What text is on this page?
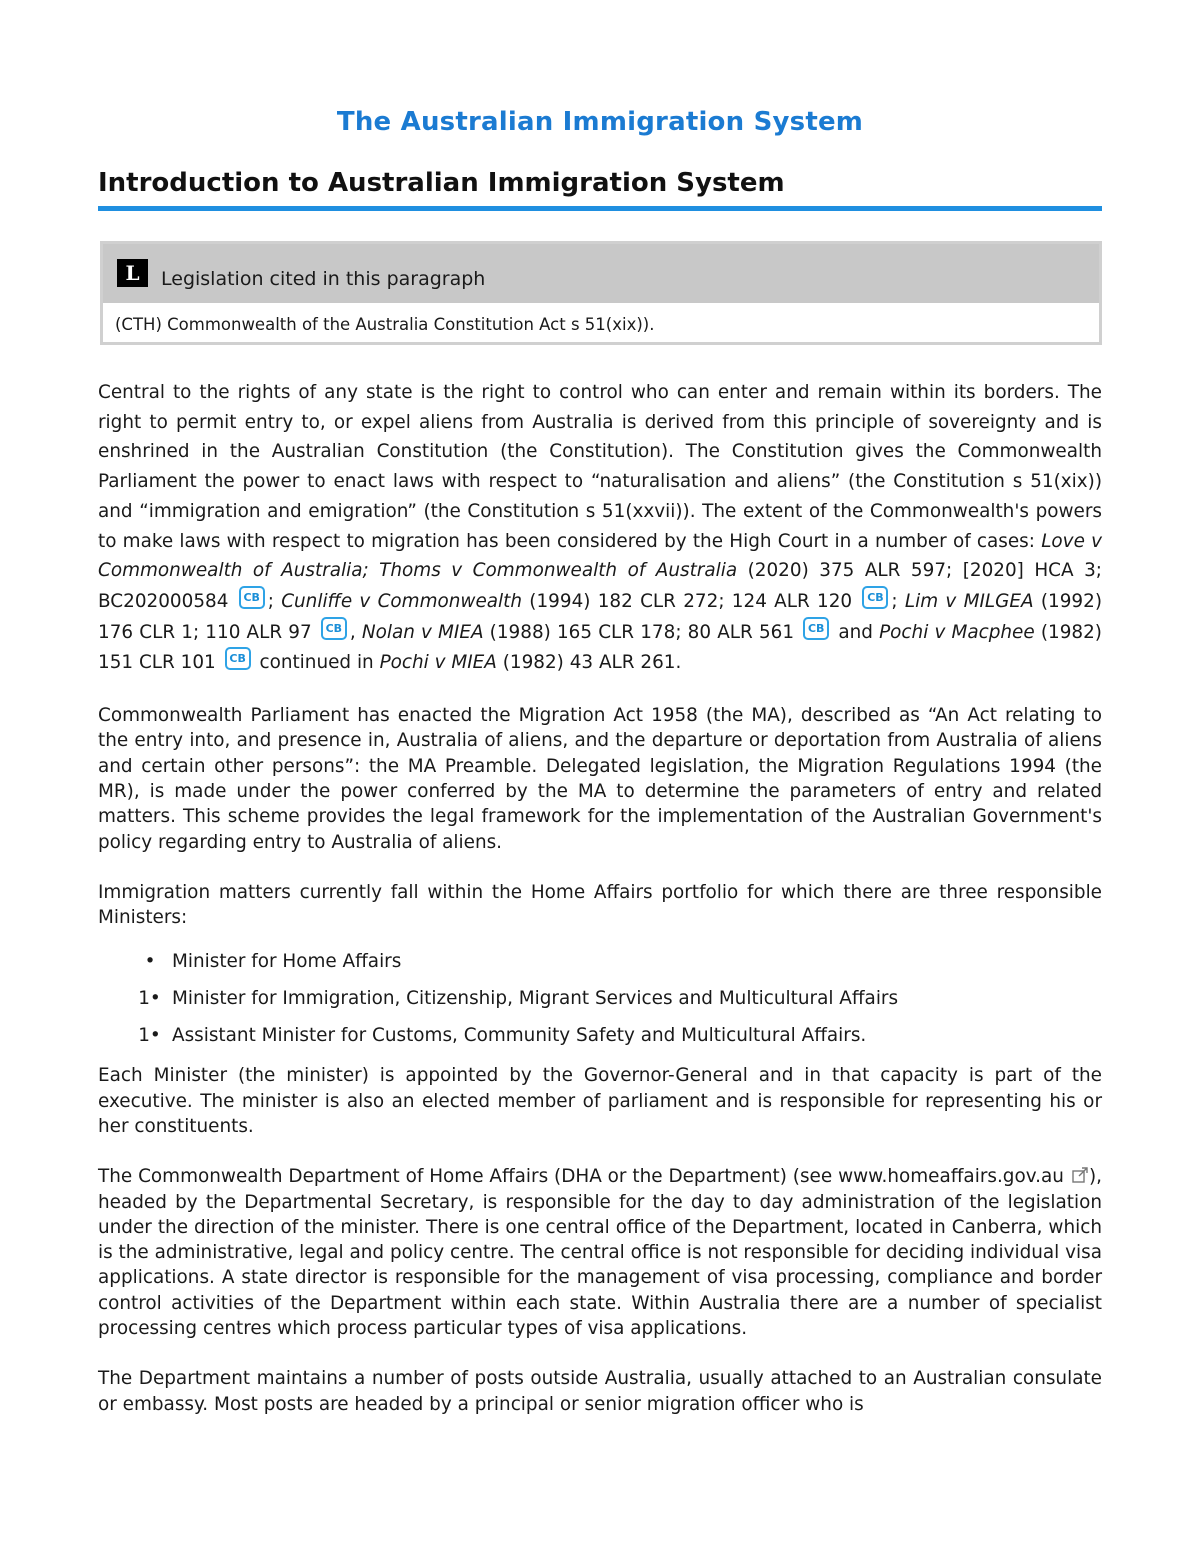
The Australian Immigration System
Introduction to Australian Immigration System
L	Legislation cited in this paragraph
(CTH) Commonwealth of the Australia Constitution Act s 51(xix)).

Central to the rights of any state is the right to control who can enter and remain within its borders. The right to permit entry to, or expel aliens from Australia is derived from this principle of sovereignty and is enshrined in the Australian Constitution (the Constitution). The Constitution gives the Commonwealth Parliament the power to enact laws with respect to “naturalisation and aliens” (the Constitution s 51(xix)) and “immigration and emigration” (the Constitution s 51(xxvii)). The extent of the Commonwealth's powers to make laws with respect to migration has been considered by the High Court in a number of cases: Love v Commonwealth of Australia; Thoms v Commonwealth of Australia (2020) 375 ALR 597; [2020] HCA 3; BC202000584 CB ; Cunliffe v Commonwealth (1994) 182 CLR 272; 124 ALR 120 CB ; Lim v MILGEA (1992) 176 CLR 1; 110 ALR 97 CB , Nolan v MIEA (1988) 165 CLR 178; 80 ALR 561 CB and Pochi v Macphee (1982) 151 CLR 101 CB continued in Pochi v MIEA (1982) 43 ALR 261.

Commonwealth Parliament has enacted the Migration Act 1958 (the MA), described as “An Act relating to the entry into, and presence in, Australia of aliens, and the departure or deportation from Australia of aliens and certain other persons”: the MA Preamble. Delegated legislation, the Migration Regulations 1994 (the MR), is made under the power conferred by the MA to determine the parameters of entry and related matters. This scheme provides the legal framework for the implementation of the Australian Government's policy regarding entry to Australia of aliens.

Immigration matters currently fall within the Home Affairs portfolio for which there are three responsible Ministers:

• Minister for Home Affairs
1• Minister for Immigration, Citizenship, Migrant Services and Multicultural Affairs
1• Assistant Minister for Customs, Community Safety and Multicultural Affairs.

Each Minister (the minister) is appointed by the Governor-General and in that capacity is part of the executive. The minister is also an elected member of parliament and is responsible for representing his or her constituents.

The Commonwealth Department of Home Affairs (DHA or the Department) (see www.homeaffairs.gov.au ), headed by the Departmental Secretary, is responsible for the day to day administration of the legislation under the direction of the minister. There is one central office of the Department, located in Canberra, which is the administrative, legal and policy centre. The central office is not responsible for deciding individual visa applications. A state director is responsible for the management of visa processing, compliance and border control activities of the Department within each state. Within Australia there are a number of specialist processing centres which process particular types of visa applications.

The Department maintains a number of posts outside Australia, usually attached to an Australian consulate or embassy. Most posts are headed by a principal or senior migration officer who is
